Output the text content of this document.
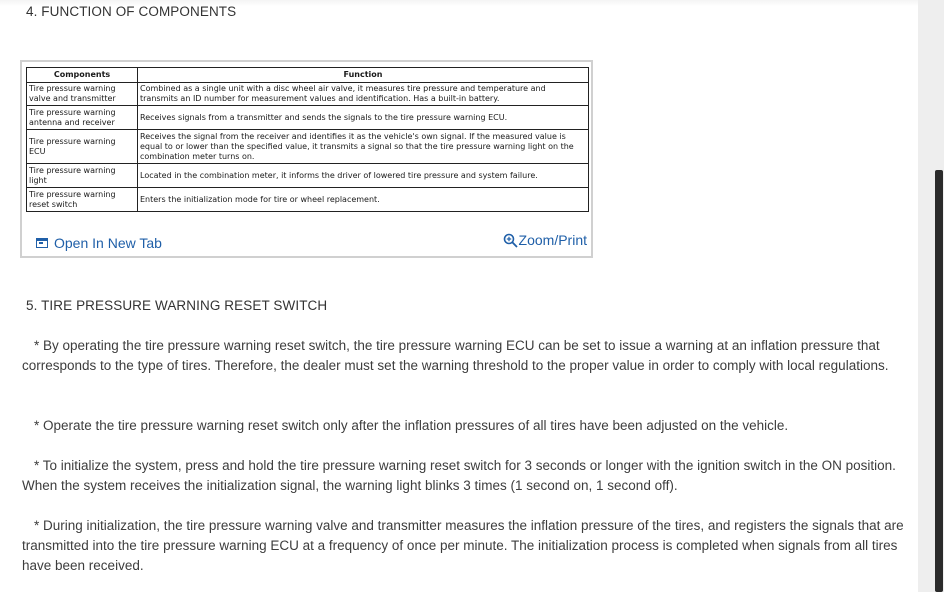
4. FUNCTION OF COMPONENTS
Components	Function
Tire pressure warning
valve and transmitter	Combined as a single unit with a disc wheel air valve, it measures tire pressure and temperature and transmits an ID number for measurement values and identification. Has a built-in battery.
Tire pressure warning
antenna and receiver	Receives signals from a transmitter and sends the signals to the tire pressure warning ECU.
Tire pressure warning
ECU	Receives the signal from the receiver and identifies it as the vehicle's own signal. If the measured value is equal to or lower than the specified value, it transmits a signal so that the tire pressure warning light on the combination meter turns on.
Tire pressure warning
light	Located in the combination meter, it informs the driver of lowered tire pressure and system failure.
Tire pressure warning
reset switch	Enters the initialization mode for tire or wheel replacement.
Open In New Tab	Zoom/Print
5. TIRE PRESSURE WARNING RESET SWITCH
* By operating the tire pressure warning reset switch, the tire pressure warning ECU can be set to issue a warning at an inflation pressure that corresponds to the type of tires. Therefore, the dealer must set the warning threshold to the proper value in order to comply with local regulations.
* Operate the tire pressure warning reset switch only after the inflation pressures of all tires have been adjusted on the vehicle.
* To initialize the system, press and hold the tire pressure warning reset switch for 3 seconds or longer with the ignition switch in the ON position. When the system receives the initialization signal, the warning light blinks 3 times (1 second on, 1 second off).
* During initialization, the tire pressure warning valve and transmitter measures the inflation pressure of the tires, and registers the signals that are transmitted into the tire pressure warning ECU at a frequency of once per minute. The initialization process is completed when signals from all tires have been received.
